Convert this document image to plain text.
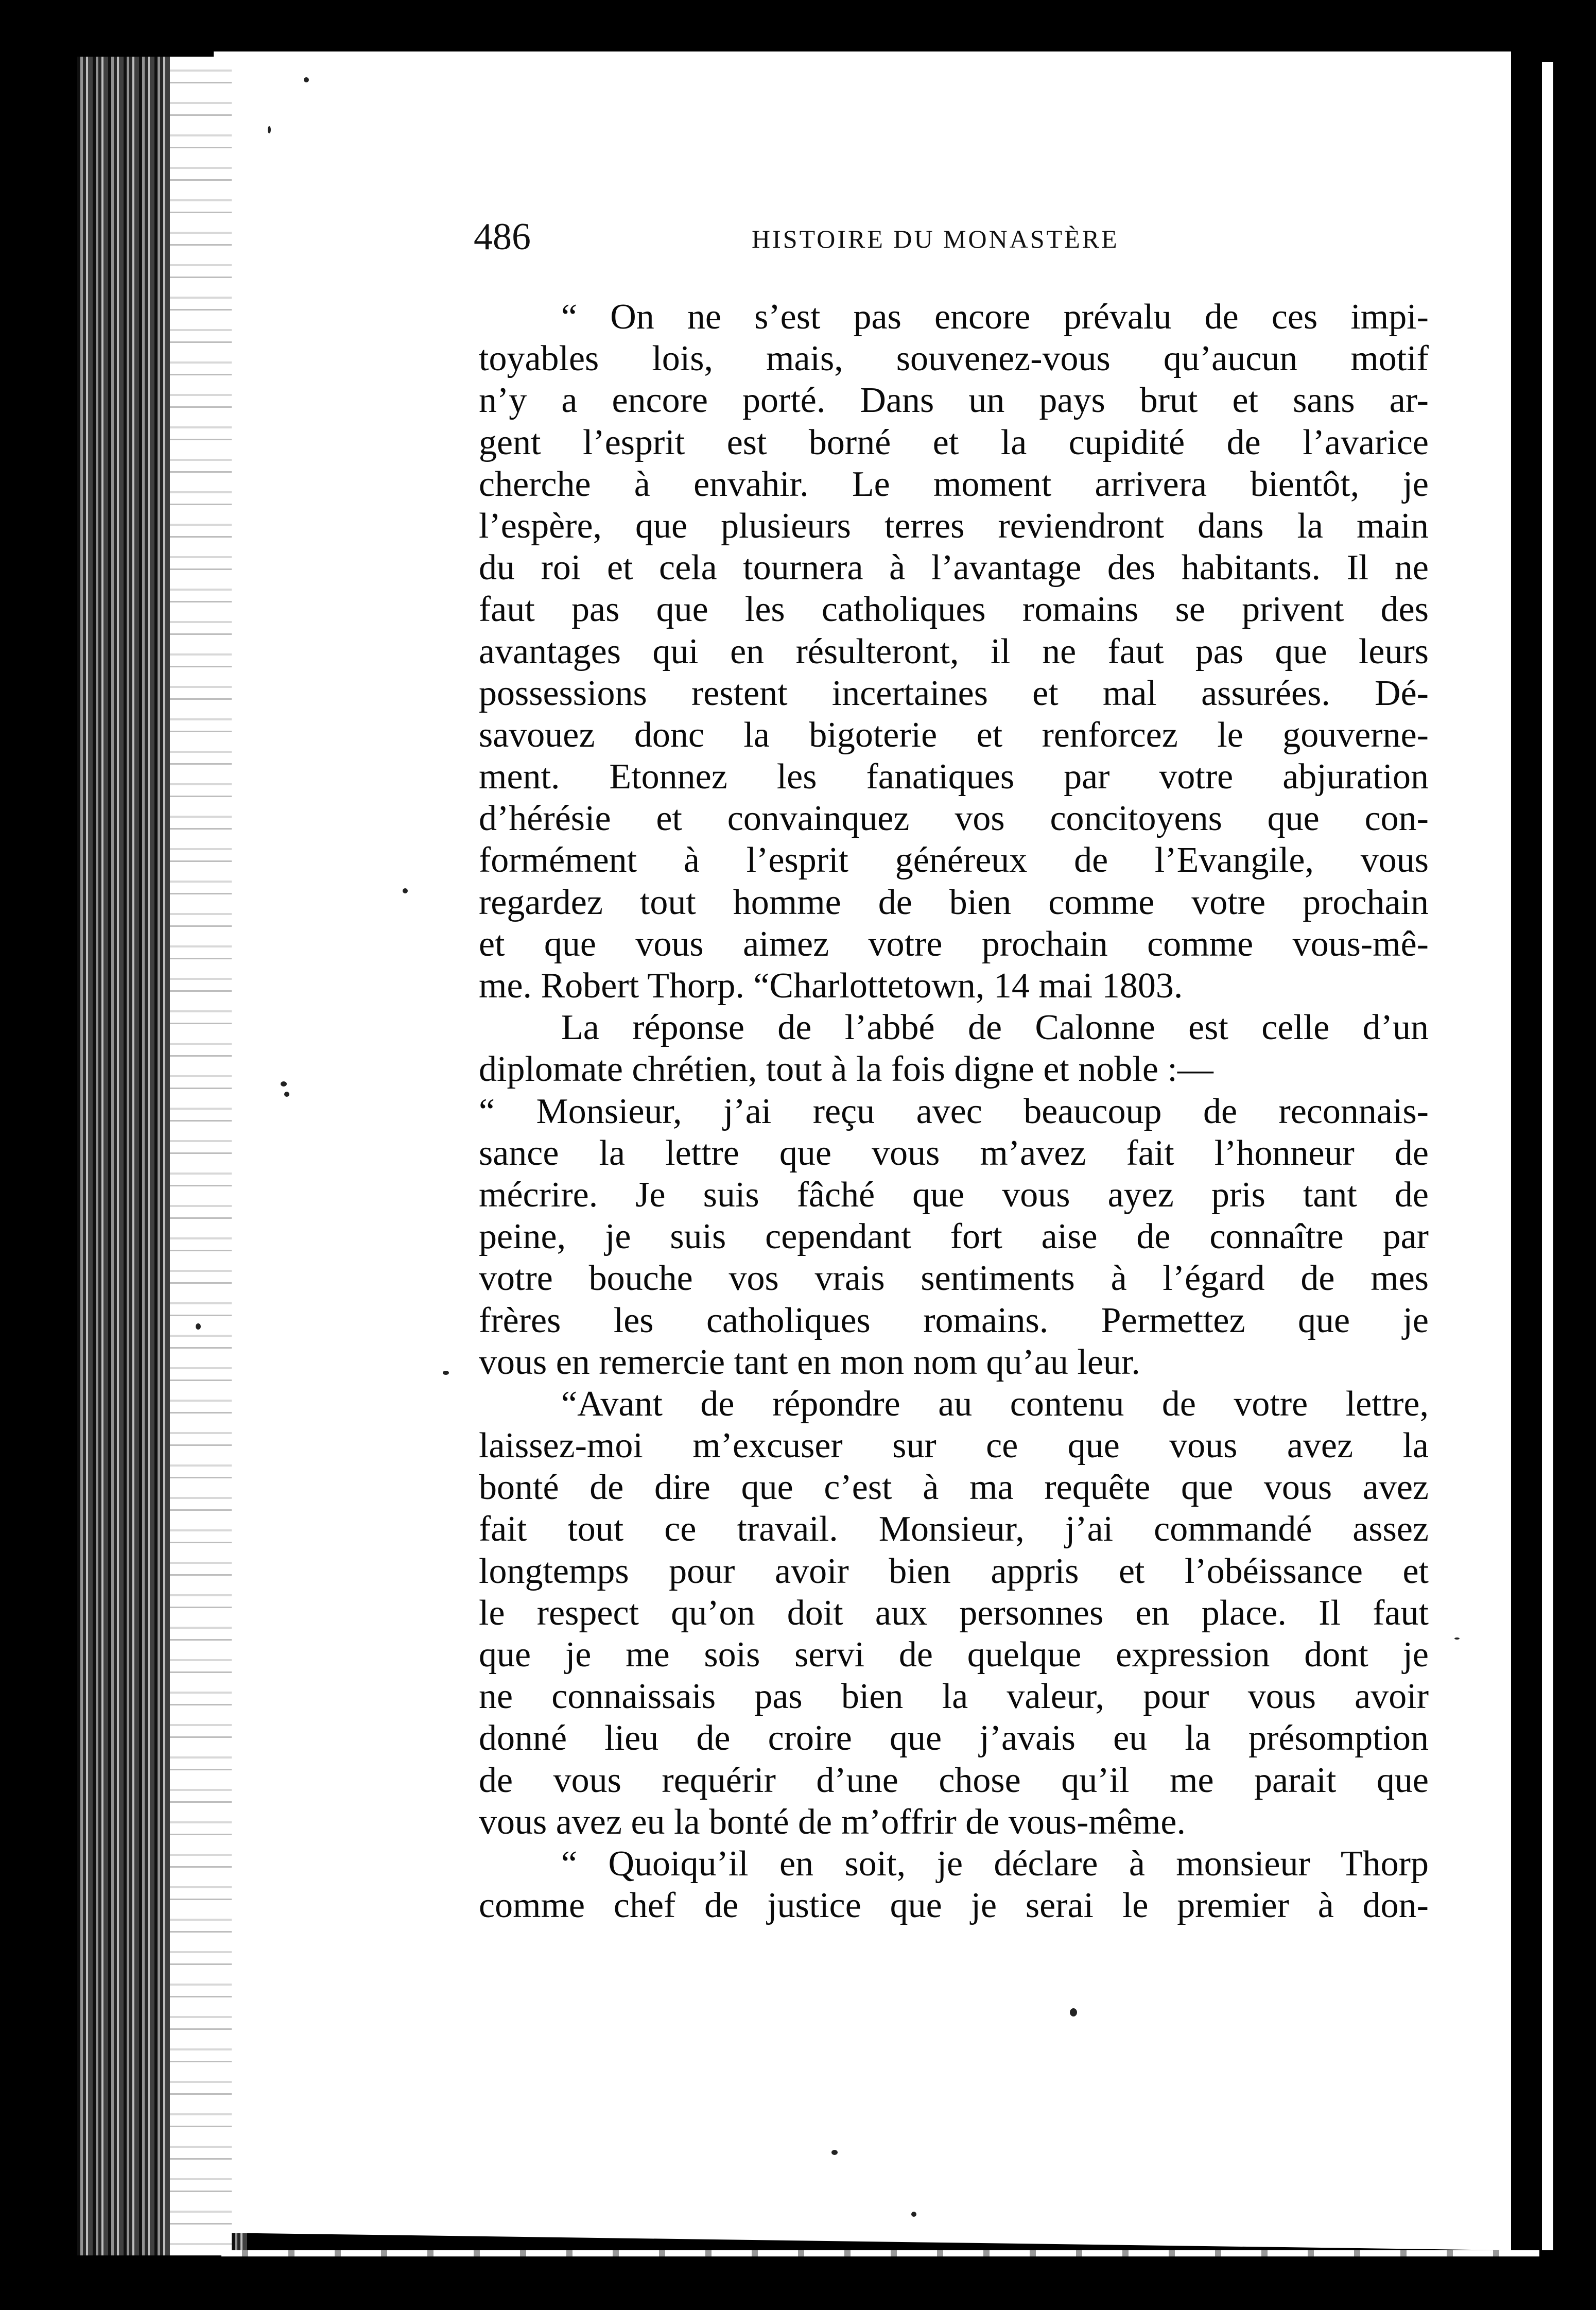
486	HISTOIRE DU MONASTÈRE
“ On ne s’est pas encore prévalu de ces impi-
toyables lois, mais, souvenez-vous qu’aucun motif
n’y a encore porté. Dans un pays brut et sans ar-
gent l’esprit est borné et la cupidité de l’avarice
cherche à envahir. Le moment arrivera bientôt, je
l’espère, que plusieurs terres reviendront dans la main
du roi et cela tournera à l’avantage des habitants. Il ne
faut pas que les catholiques romains se privent des
avantages qui en résulteront, il ne faut pas que leurs
possessions restent incertaines et mal assurées. Dé-
savouez donc la bigoterie et renforcez le gouverne-
ment. Etonnez les fanatiques par votre abjuration
d’hérésie et convainquez vos concitoyens que con-
formément à l’esprit généreux de l’Evangile, vous
regardez tout homme de bien comme votre prochain
et que vous aimez votre prochain comme vous-mê-
me. Robert Thorp. “Charlottetown, 14 mai 1803.
La réponse de l’abbé de Calonne est celle d’un
diplomate chrétien, tout à la fois digne et noble :—
“ Monsieur, j’ai reçu avec beaucoup de reconnais-
sance la lettre que vous m’avez fait l’honneur de
mécrire. Je suis fâché que vous ayez pris tant de
peine, je suis cependant fort aise de connaître par
votre bouche vos vrais sentiments à l’égard de mes
frères les catholiques romains. Permettez que je
vous en remercie tant en mon nom qu’au leur.
“Avant de répondre au contenu de votre lettre,
laissez-moi m’excuser sur ce que vous avez la
bonté de dire que c’est à ma requête que vous avez
fait tout ce travail. Monsieur, j’ai commandé assez
longtemps pour avoir bien appris et l’obéissance et
le respect qu’on doit aux personnes en place. Il faut
que je me sois servi de quelque expression dont je
ne connaissais pas bien la valeur, pour vous avoir
donné lieu de croire que j’avais eu la présomption
de vous requérir d’une chose qu’il me parait que
vous avez eu la bonté de m’offrir de vous-même.
“ Quoiqu’il en soit, je déclare à monsieur Thorp
comme chef de justice que je serai le premier à don-
